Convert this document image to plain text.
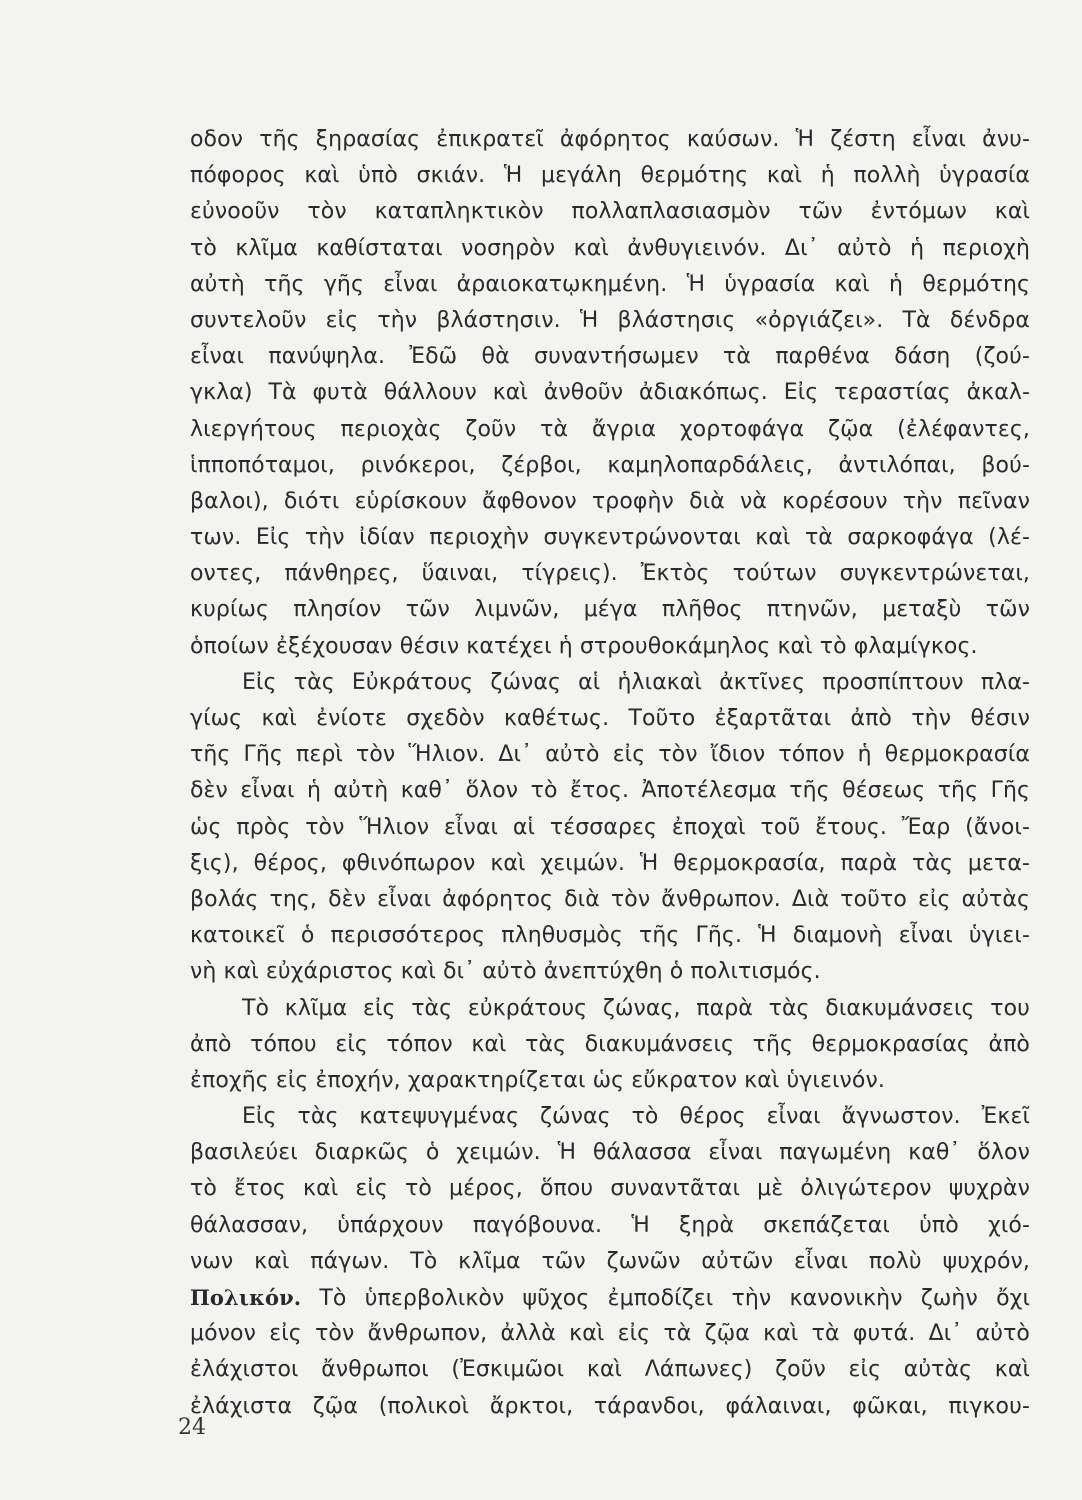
οδον τῆς ξηρασίας ἐπικρατεῖ ἀφόρητος καύσων. Ἡ ζέστη εἶναι ἀνυ-
πόφορος καὶ ὑπὸ σκιάν. Ἡ μεγάλη θερμότης καὶ ἡ πολλὴ ὑγρασία
εὐνοοῦν τὸν καταπληκτικὸν πολλαπλασιασμὸν τῶν ἐντόμων καὶ
τὸ κλῖμα καθίσταται νοσηρὸν καὶ ἀνθυγιεινόν. Δι᾿ αὐτὸ ἡ περιοχὴ
αὐτὴ τῆς γῆς εἶναι ἀραιοκατῳκημένη. Ἡ ὑγρασία καὶ ἡ θερμότης
συντελοῦν εἰς τὴν βλάστησιν. Ἡ βλάστησις «ὀργιάζει». Τὰ δένδρα
εἶναι πανύψηλα. Ἐδῶ θὰ συναντήσωμεν τὰ παρθένα δάση (ζού-
γκλα) Τὰ φυτὰ θάλλουν καὶ ἀνθοῦν ἀδιακόπως. Εἰς τεραστίας ἀκαλ-
λιεργήτους περιοχὰς ζοῦν τὰ ἄγρια χορτοφάγα ζῷα (ἐλέφαντες,
ἱπποπόταμοι, ρινόκεροι, ζέρβοι, καμηλοπαρδάλεις, ἀντιλόπαι, βού-
βαλοι), διότι εὑρίσκουν ἄφθονον τροφὴν διὰ νὰ κορέσουν τὴν πεῖναν
των. Εἰς τὴν ἰδίαν περιοχὴν συγκεντρώνονται καὶ τὰ σαρκοφάγα (λέ-
οντες, πάνθηρες, ὕαιναι, τίγρεις). Ἐκτὸς τούτων συγκεντρώνεται,
κυρίως πλησίον τῶν λιμνῶν, μέγα πλῆθος πτηνῶν, μεταξὺ τῶν
ὁποίων ἐξέχουσαν θέσιν κατέχει ἡ στρουθοκάμηλος καὶ τὸ φλαμίγκος.
Εἰς τὰς Εὐκράτους ζώνας αἱ ἡλιακαὶ ἀκτῖνες προσπίπτουν πλα-
γίως καὶ ἐνίοτε σχεδὸν καθέτως. Τοῦτο ἐξαρτᾶται ἀπὸ τὴν θέσιν
τῆς Γῆς περὶ τὸν Ἥλιον. Δι᾿ αὐτὸ εἰς τὸν ἴδιον τόπον ἡ θερμοκρασία
δὲν εἶναι ἡ αὐτὴ καθ᾿ ὅλον τὸ ἔτος. Ἀποτέλεσμα τῆς θέσεως τῆς Γῆς
ὡς πρὸς τὸν Ἥλιον εἶναι αἱ τέσσαρες ἐποχαὶ τοῦ ἔτους. Ἔαρ (ἄνοι-
ξις), θέρος, φθινόπωρον καὶ χειμών. Ἡ θερμοκρασία, παρὰ τὰς μετα-
βολάς της, δὲν εἶναι ἀφόρητος διὰ τὸν ἄνθρωπον. Διὰ τοῦτο εἰς αὐτὰς
κατοικεῖ ὁ περισσότερος πληθυσμὸς τῆς Γῆς. Ἡ διαμονὴ εἶναι ὑγιει-
νὴ καὶ εὐχάριστος καὶ δι᾿ αὐτὸ ἀνεπτύχθη ὁ πολιτισμός.
Τὸ κλῖμα εἰς τὰς εὐκράτους ζώνας, παρὰ τὰς διακυμάνσεις του
ἀπὸ τόπου εἰς τόπον καὶ τὰς διακυμάνσεις τῆς θερμοκρασίας ἀπὸ
ἐποχῆς εἰς ἐποχήν, χαρακτηρίζεται ὡς εὔκρατον καὶ ὑγιεινόν.
Εἰς τὰς κατεψυγμένας ζώνας τὸ θέρος εἶναι ἄγνωστον. Ἐκεῖ
βασιλεύει διαρκῶς ὁ χειμών. Ἡ θάλασσα εἶναι παγωμένη καθ᾿ ὅλον
τὸ ἔτος καὶ εἰς τὸ μέρος, ὅπου συναντᾶται μὲ ὀλιγώτερον ψυχρὰν
θάλασσαν, ὑπάρχουν παγόβουνα. Ἡ ξηρὰ σκεπάζεται ὑπὸ χιό-
νων καὶ πάγων. Τὸ κλῖμα τῶν ζωνῶν αὐτῶν εἶναι πολὺ ψυχρόν,
Πολικόν. Τὸ ὑπερβολικὸν ψῦχος ἐμποδίζει τὴν κανονικὴν ζωὴν ὄχι
μόνον εἰς τὸν ἄνθρωπον, ἀλλὰ καὶ εἰς τὰ ζῷα καὶ τὰ φυτά. Δι᾿ αὐτὸ
ἐλάχιστοι ἄνθρωποι (Ἐσκιμῶοι καὶ Λάπωνες) ζοῦν εἰς αὐτὰς καὶ
ἐλάχιστα ζῷα (πολικοὶ ἄρκτοι, τάρανδοι, φάλαιναι, φῶκαι, πιγκου-
24
